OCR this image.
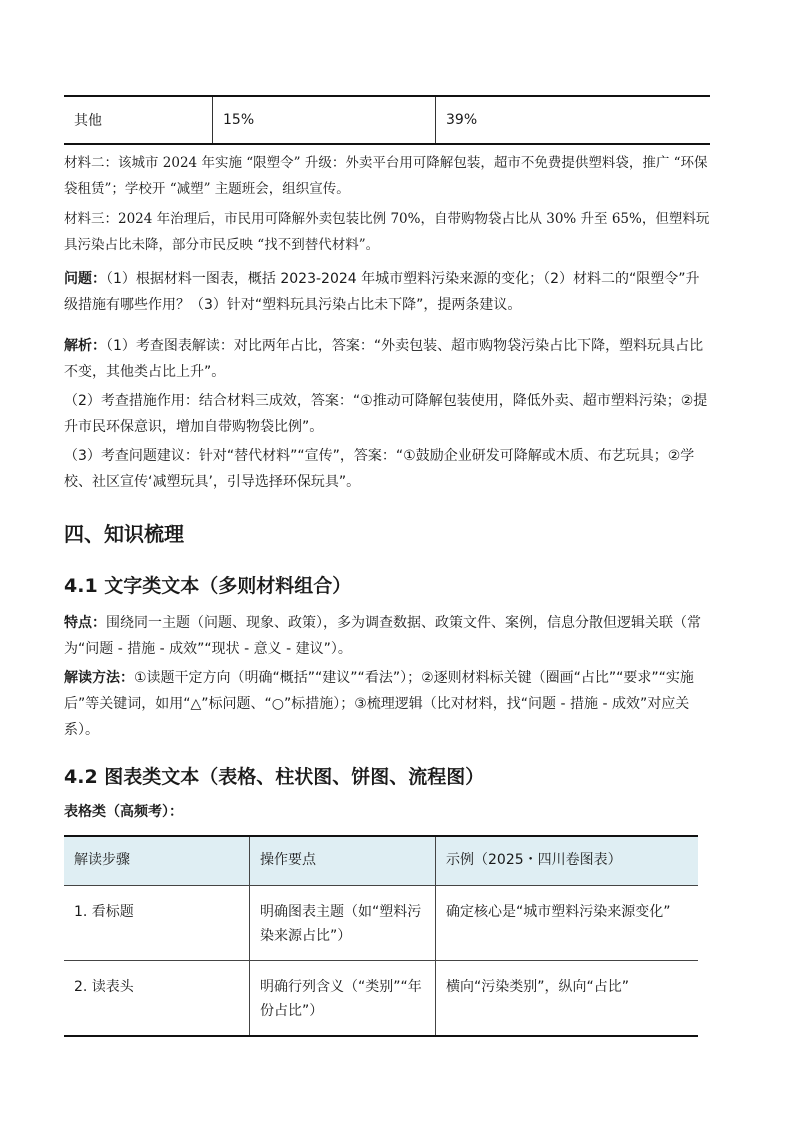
其他	15%	39%

材料二：该城市 2024 年实施 “限塑令” 升级：外卖平台用可降解包装，超市不免费提供塑料袋，推广 “环保袋租赁”；学校开 “减塑” 主题班会，组织宣传。

材料三：2024 年治理后，市民用可降解外卖包装比例 70%，自带购物袋占比从 30% 升至 65%，但塑料玩具污染占比未降，部分市民反映 “找不到替代材料”。

问题：（1）根据材料一图表，概括 2023-2024 年城市塑料污染来源的变化；（2）材料二的“限塑令”升级措施有哪些作用？（3）针对“塑料玩具污染占比未下降”，提两条建议。

解析：（1）考查图表解读：对比两年占比，答案：“外卖包装、超市购物袋污染占比下降，塑料玩具占比不变，其他类占比上升”。

（2）考查措施作用：结合材料三成效，答案：“①推动可降解包装使用，降低外卖、超市塑料污染；②提升市民环保意识，增加自带购物袋比例”。

（3）考查问题建议：针对“替代材料”“宣传”，答案：“①鼓励企业研发可降解或木质、布艺玩具；②学校、社区宣传‘减塑玩具’，引导选择环保玩具”。

四、知识梳理
4.1 文字类文本（多则材料组合）

特点：围绕同一主题（问题、现象、政策），多为调查数据、政策文件、案例，信息分散但逻辑关联（常为“问题 - 措施 - 成效”“现状 - 意义 - 建议”）。

解读方法：①读题干定方向（明确“概括”“建议”“看法”）；②逐则材料标关键（圈画“占比”“要求”“实施后”等关键词，如用“△”标问题、“○”标措施）；③梳理逻辑（比对材料，找“问题 - 措施 - 成效”对应关系）。

4.2 图表类文本（表格、柱状图、饼图、流程图）

表格类（高频考）：

解读步骤	操作要点	示例（2025・四川卷图表）
1. 看标题	明确图表主题（如“塑料污染来源占比”）	确定核心是“城市塑料污染来源变化”
2. 读表头	明确行列含义（“类别”“年份占比”）	横向“污染类别”，纵向“占比”
